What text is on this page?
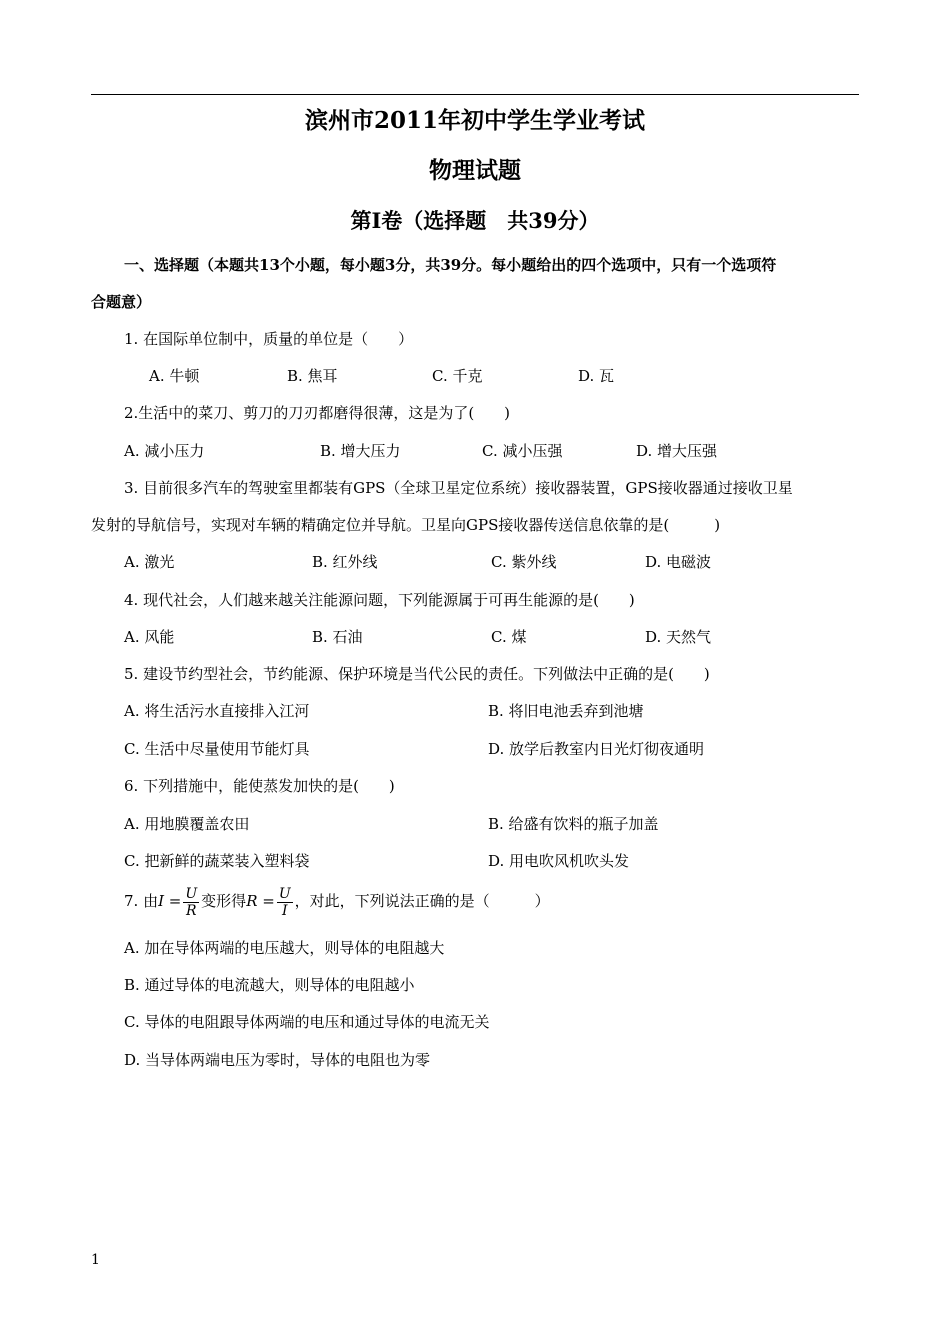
滨州市2011年初中学生学业考试
物理试题
第Ⅰ卷（选择题　共39分）
一、选择题（本题共13个小题，每小题3分，共39分。每小题给出的四个选项中，只有一个选项符
合题意）
1. 在国际单位制中，质量的单位是（　　）
A. 牛顿	B. 焦耳	C. 千克	D. 瓦
2.生活中的菜刀、剪刀的刀刃都磨得很薄，这是为了(　　)
A. 减小压力	B. 增大压力	C. 减小压强	D. 增大压强
3. 目前很多汽车的驾驶室里都装有GPS（全球卫星定位系统）接收器装置，GPS接收器通过接收卫星
发射的导航信号，实现对车辆的精确定位并导航。卫星向GPS接收器传送信息依靠的是(　　　)
A. 激光	B. 红外线	C. 紫外线	D. 电磁波
4. 现代社会，人们越来越关注能源问题，下列能源属于可再生能源的是(　　)
A. 风能	B. 石油	C. 煤	D. 天然气
5. 建设节约型社会，节约能源、保护环境是当代公民的责任。下列做法中正确的是(　　)
A. 将生活污水直接排入江河	B. 将旧电池丢弃到池塘
C. 生活中尽量使用节能灯具	D. 放学后教室内日光灯彻夜通明
6. 下列措施中，能使蒸发加快的是(　　)
A. 用地膜覆盖农田	B. 给盛有饮料的瓶子加盖
C. 把新鲜的蔬菜装入塑料袋	D. 用电吹风机吹头发
7. 由$I = \frac{U}{R}$ 变形得$R = \frac{U}{I}$ ，对此，下列说法正确的是（　　　）
A. 加在导体两端的电压越大，则导体的电阻越大
B. 通过导体的电流越大，则导体的电阻越小
C. 导体的电阻跟导体两端的电压和通过导体的电流无关
D. 当导体两端电压为零时，导体的电阻也为零
1
